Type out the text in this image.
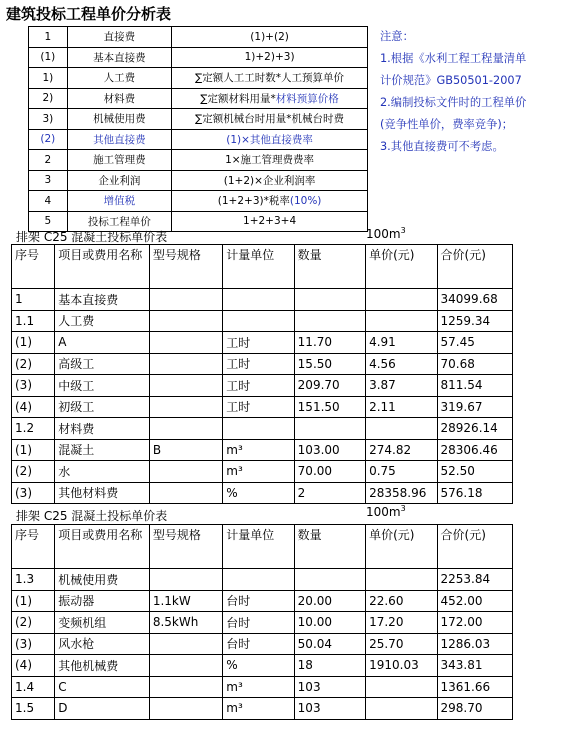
建筑投标工程单价分析表
1	直接费	(1)+(2)
(1)	基本直接费	1)+2)+3)
1)	人工费	∑定额人工工时数*人工预算单价
2)	材料费	∑定额材料用量*材料预算价格
3)	机械使用费	∑定额机械台时用量*机械台时费
(2)	其他直接费	(1)×其他直接费率
2	施工管理费	1×施工管理费费率
3	企业利润	(1+2)×企业利润率
4	增值税	(1+2+3)*税率(10%)
5	投标工程单价	1+2+3+4
注意：
1.根据《水利工程工程量清单
计价规范》GB50501-2007
2.编制投标文件时的工程单价
(竞争性单价，费率竞争)；
3.其他直接费可不考虑。
排架 C25 混凝土投标单价表	$100m^3$
序号	项目或费用名称	型号规格	计量单位	数量	单价(元)	合价(元)
1	基本直接费					34099.68
1.1	人工费					1259.34
(1)	A		工时	11.70	4.91	57.45
(2)	高级工		工时	15.50	4.56	70.68
(3)	中级工		工时	209.70	3.87	811.54
(4)	初级工		工时	151.50	2.11	319.67
1.2	材料费					28926.14
(1)	混凝土	B	m³	103.00	274.82	28306.46
(2)	水		m³	70.00	0.75	52.50
(3)	其他材料费		%	2	28358.96	576.18
排架 C25 混凝土投标单价表	$100m^3$
序号	项目或费用名称	型号规格	计量单位	数量	单价(元)	合价(元)
1.3	机械使用费					2253.84
(1)	振动器	1.1kW	台时	20.00	22.60	452.00
(2)	变频机组	8.5kWh	台时	10.00	17.20	172.00
(3)	风水枪		台时	50.04	25.70	1286.03
(4)	其他机械费		%	18	1910.03	343.81
1.4	C		m³	103		1361.66
1.5	D		m³	103		298.70
